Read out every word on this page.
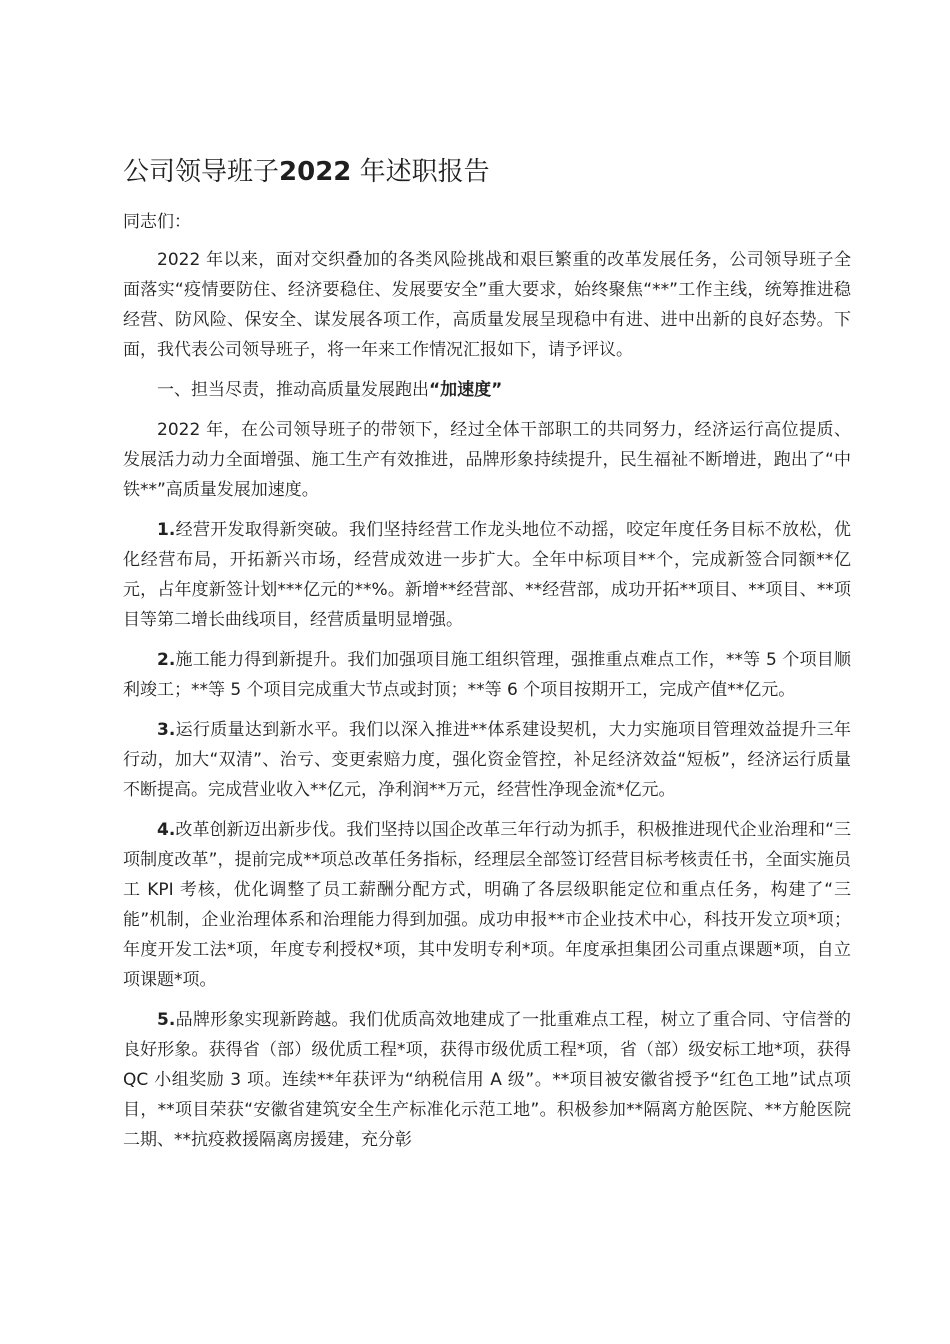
公司领导班子2022 年述职报告

同志们：

2022 年以来，面对交织叠加的各类风险挑战和艰巨繁重的改革发展任务，公司领导班子全面落实“疫情要防住、经济要稳住、发展要安全”重大要求，始终聚焦“**”工作主线，统筹推进稳经营、防风险、保安全、谋发展各项工作，高质量发展呈现稳中有进、进中出新的良好态势。下面，我代表公司领导班子，将一年来工作情况汇报如下，请予评议。

一、担当尽责，推动高质量发展跑出“加速度”

2022 年，在公司领导班子的带领下，经过全体干部职工的共同努力，经济运行高位提质、发展活力动力全面增强、施工生产有效推进，品牌形象持续提升，民生福祉不断增进，跑出了“中铁**”高质量发展加速度。

1.经营开发取得新突破。我们坚持经营工作龙头地位不动摇，咬定年度任务目标不放松，优化经营布局，开拓新兴市场，经营成效进一步扩大。全年中标项目**个，完成新签合同额**亿元，占年度新签计划***亿元的**%。新增**经营部、**经营部，成功开拓**项目、**项目、**项目等第二增长曲线项目，经营质量明显增强。

2.施工能力得到新提升。我们加强项目施工组织管理，强推重点难点工作，**等 5 个项目顺利竣工；**等 5 个项目完成重大节点或封顶；**等 6 个项目按期开工，完成产值**亿元。

3.运行质量达到新水平。我们以深入推进**体系建设契机，大力实施项目管理效益提升三年行动，加大“双清”、治亏、变更索赔力度，强化资金管控，补足经济效益“短板”，经济运行质量不断提高。完成营业收入**亿元，净利润**万元，经营性净现金流*亿元。

4.改革创新迈出新步伐。我们坚持以国企改革三年行动为抓手，积极推进现代企业治理和“三项制度改革”，提前完成**项总改革任务指标，经理层全部签订经营目标考核责任书，全面实施员工 KPI 考核，优化调整了员工薪酬分配方式，明确了各层级职能定位和重点任务，构建了“三能”机制，企业治理体系和治理能力得到加强。成功申报**市企业技术中心，科技开发立项*项；年度开发工法*项，年度专利授权*项，其中发明专利*项。年度承担集团公司重点课题*项，自立项课题*项。

5.品牌形象实现新跨越。我们优质高效地建成了一批重难点工程，树立了重合同、守信誉的良好形象。获得省（部）级优质工程*项，获得市级优质工程*项，省（部）级安标工地*项，获得 QC 小组奖励 3 项。连续**年获评为“纳税信用 A 级”。**项目被安徽省授予“红色工地”试点项目，**项目荣获“安徽省建筑安全生产标准化示范工地”。积极参加**隔离方舱医院、**方舱医院二期、**抗疫救援隔离房援建，充分彰
